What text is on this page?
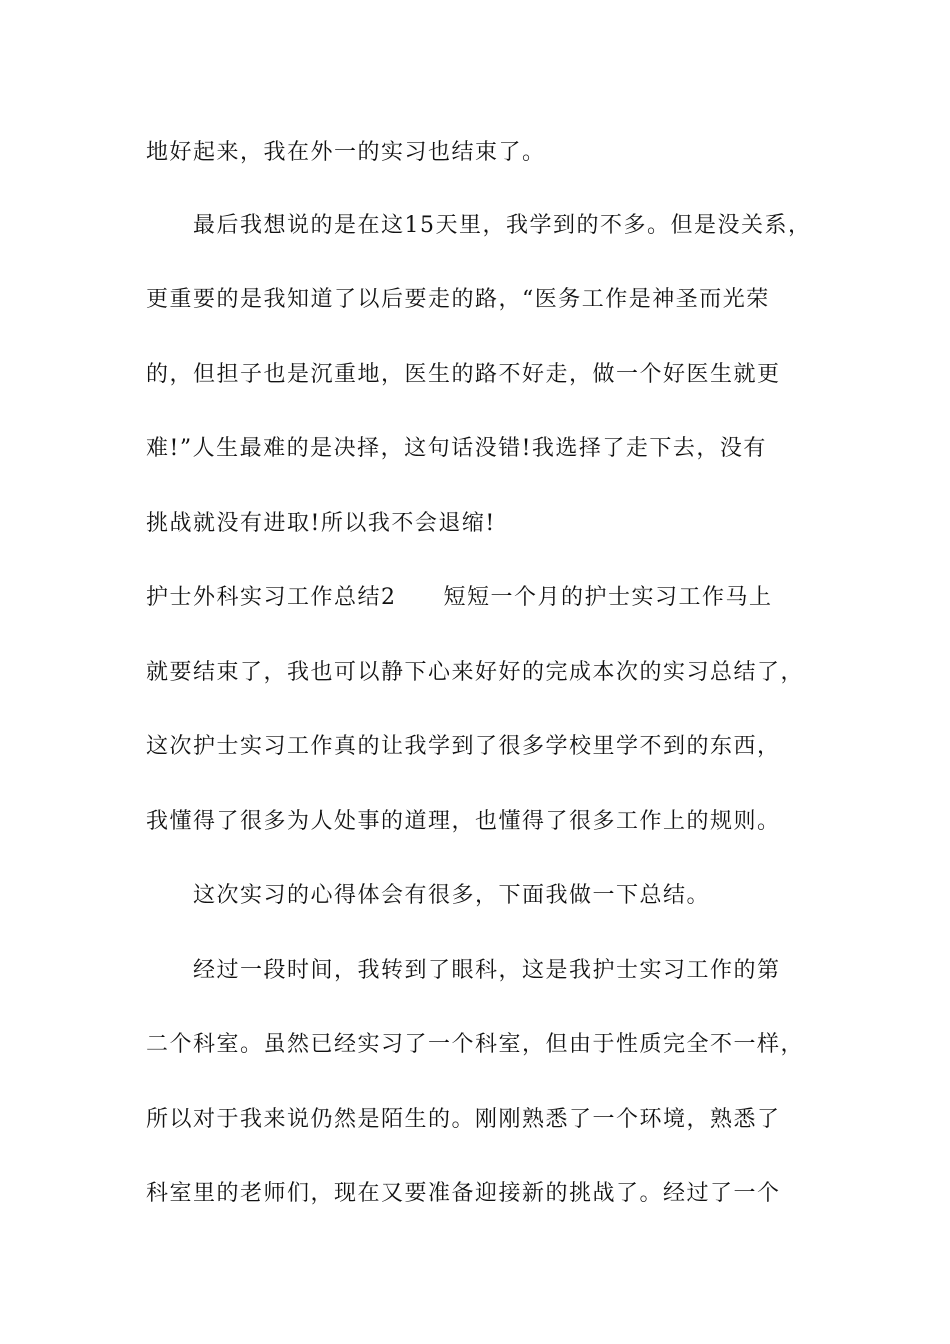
地好起来，我在外一的实习也结束了。
最后我想说的是在这15天里，我学到的不多。但是没关系，
更重要的是我知道了以后要走的路，“医务工作是神圣而光荣
的，但担子也是沉重地，医生的路不好走，做一个好医生就更
难!”人生最难的是决择，这句话没错!我选择了走下去，没有
挑战就没有进取!所以我不会退缩!
护士外科实习工作总结2　　短短一个月的护士实习工作马上
就要结束了，我也可以静下心来好好的完成本次的实习总结了，
这次护士实习工作真的让我学到了很多学校里学不到的东西，
我懂得了很多为人处事的道理，也懂得了很多工作上的规则。
这次实习的心得体会有很多，下面我做一下总结。
经过一段时间，我转到了眼科，这是我护士实习工作的第
二个科室。虽然已经实习了一个科室，但由于性质完全不一样，
所以对于我来说仍然是陌生的。刚刚熟悉了一个环境，熟悉了
科室里的老师们，现在又要准备迎接新的挑战了。经过了一个
